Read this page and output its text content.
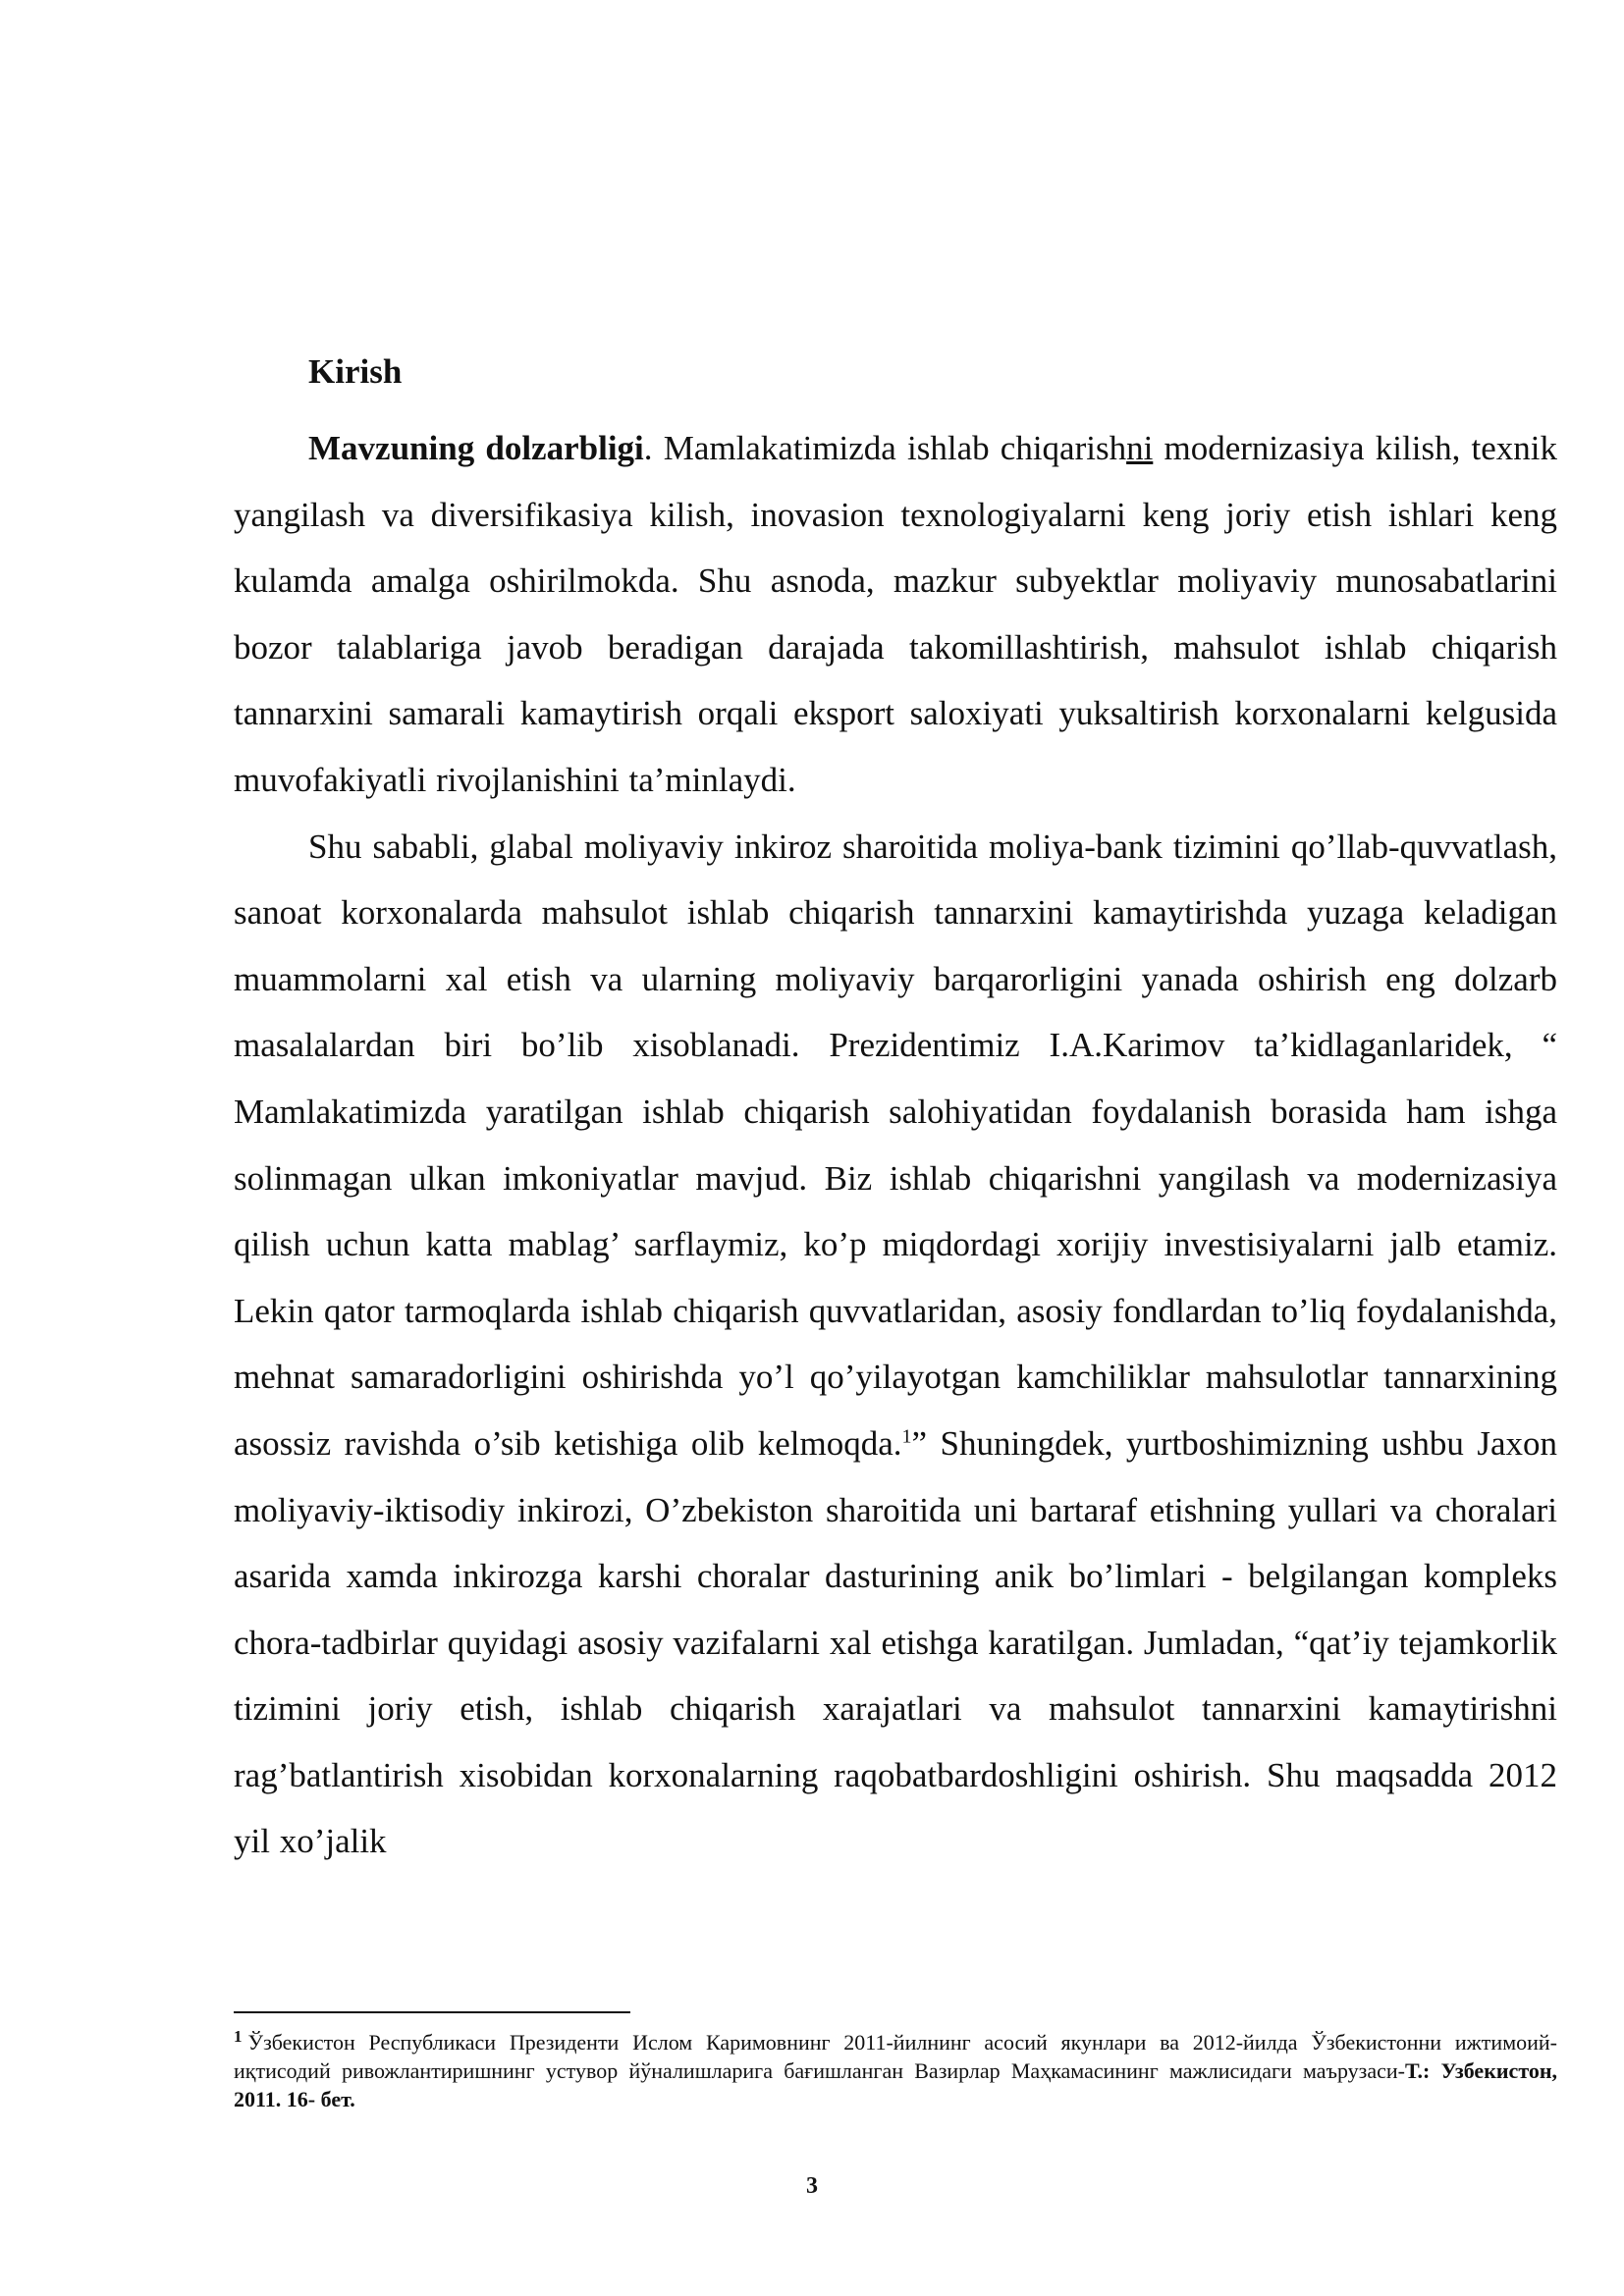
Kirish

Mavzuning dolzarbligi. Mamlakatimizda ishlab chiqarishni modernizasiya kilish, texnik yangilash va diversifikasiya kilish, inovasion texnologiyalarni keng joriy etish ishlari keng kulamda amalga oshirilmokda. Shu asnoda, mazkur subyektlar moliyaviy munosabatlarini bozor talablariga javob beradigan darajada takomillashtirish, mahsulot ishlab chiqarish tannarxini samarali kamaytirish orqali eksport saloxiyati yuksaltirish korxonalarni kelgusida muvofakiyatli rivojlanishini ta’minlaydi.

Shu sababli, glabal moliyaviy inkiroz sharoitida moliya-bank tizimini qo’llab-quvvatlash, sanoat korxonalarda mahsulot ishlab chiqarish tannarxini kamaytirishda yuzaga keladigan muammolarni xal etish va ularning moliyaviy barqarorligini yanada oshirish eng dolzarb masalalardan biri bo’lib xisoblanadi. Prezidentimiz I.A.Karimov ta’kidlaganlaridek, “ Mamlakatimizda yaratilgan ishlab chiqarish salohiyatidan foydalanish borasida ham ishga solinmagan ulkan imkoniyatlar mavjud. Biz ishlab chiqarishni yangilash va modernizasiya qilish uchun katta mablag’ sarflaymiz, ko’p miqdordagi xorijiy investisiyalarni jalb etamiz. Lekin qator tarmoqlarda ishlab chiqarish quvvatlaridan, asosiy fondlardan to’liq foydalanishda, mehnat samaradorligini oshirishda yo’l qo’yilayotgan kamchiliklar mahsulotlar tannarxining asossiz ravishda o’sib ketishiga olib kelmoqda.$^1$” Shuningdek, yurtboshimizning ushbu Jaxon moliyaviy-iktisodiy inkirozi, O’zbekiston sharoitida uni bartaraf etishning yullari va choralari asarida xamda inkirozga karshi choralar dasturining anik bo’limlari - belgilangan kompleks chora-tadbirlar quyidagi asosiy vazifalarni xal etishga karatilgan. Jumladan, “qat’iy tejamkorlik tizimini joriy etish, ishlab chiqarish xarajatlari va mahsulot tannarxini kamaytirishni rag’batlantirish xisobidan korxonalarning raqobatbardoshligini oshirish. Shu maqsadda 2012 yil xo’jalik

$^1$ Ўзбекистон Республикаси Президенти Ислом Каримовнинг 2011-йилнинг асосий якунлари ва 2012-йилда Ўзбекистонни ижтимоий-иқтисодий ривожлантиришнинг устувор йўналишларига бағишланган Вазирлар Маҳкамасининг мажлисидаги маърузаси-Т.: Узбекистон, 2011. 16- бет.
3
